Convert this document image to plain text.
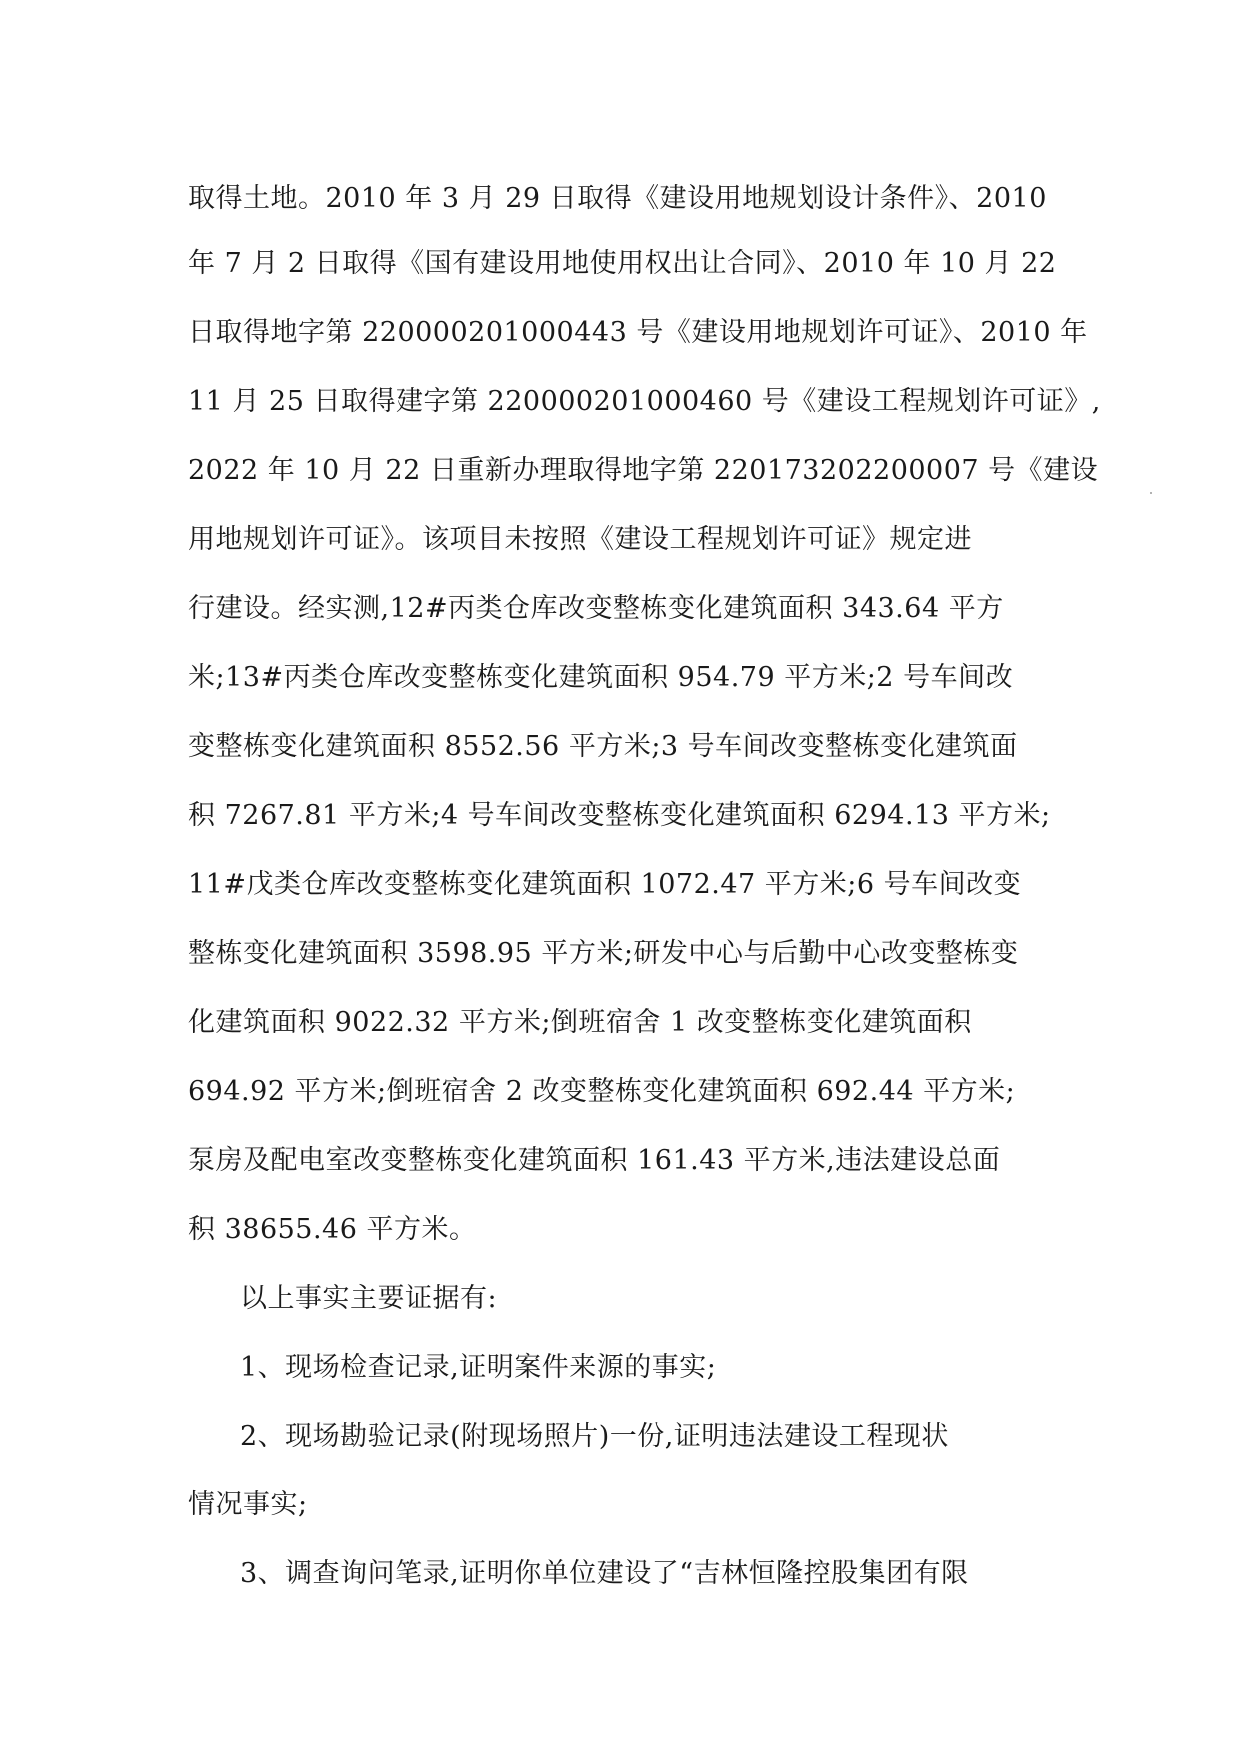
取得土地。2010 年 3 月 29 日取得《建设用地规划设计条件》、2010
年 7 月 2 日取得《国有建设用地使用权出让合同》、2010 年 10 月 22
日取得地字第 220000201000443 号《建设用地规划许可证》、2010 年
11 月 25 日取得建字第 220000201000460 号《建设工程规划许可证》,
2022 年 10 月 22 日重新办理取得地字第 220173202200007 号《建设
用地规划许可证》。该项目未按照《建设工程规划许可证》规定进
行建设。经实测,12#丙类仓库改变整栋变化建筑面积 343.64 平方
米;13#丙类仓库改变整栋变化建筑面积 954.79 平方米;2 号车间改
变整栋变化建筑面积 8552.56 平方米;3 号车间改变整栋变化建筑面
积 7267.81 平方米;4 号车间改变整栋变化建筑面积 6294.13 平方米;
11#戊类仓库改变整栋变化建筑面积 1072.47 平方米;6 号车间改变
整栋变化建筑面积 3598.95 平方米;研发中心与后勤中心改变整栋变
化建筑面积 9022.32 平方米;倒班宿舍 1 改变整栋变化建筑面积
694.92 平方米;倒班宿舍 2 改变整栋变化建筑面积 692.44 平方米;
泵房及配电室改变整栋变化建筑面积 161.43 平方米,违法建设总面
积 38655.46 平方米。
以上事实主要证据有:
1、现场检查记录,证明案件来源的事实;
2、现场勘验记录(附现场照片)一份,证明违法建设工程现状
情况事实;
3、调查询问笔录,证明你单位建设了“吉林恒隆控股集团有限
